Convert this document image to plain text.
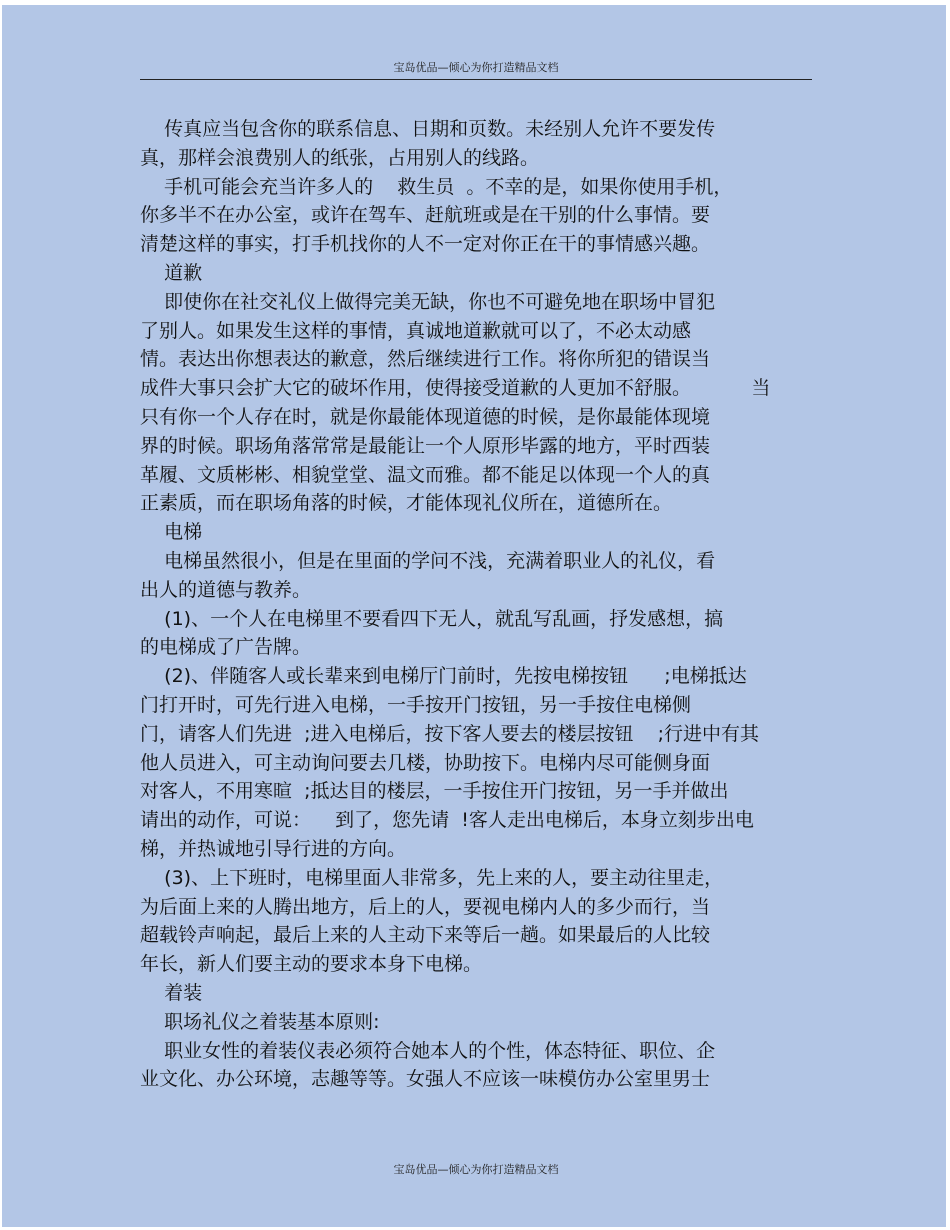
宝岛优品—倾心为你打造精品文档
传真应当包含你的联系信息、日期和页数。未经别人允许不要发传
真，那样会浪费别人的纸张，占用别人的线路。
手机可能会充当许多人的    救生员  。不幸的是，如果你使用手机，
你多半不在办公室，或许在驾车、赶航班或是在干别的什么事情。要
清楚这样的事实，打手机找你的人不一定对你正在干的事情感兴趣。
道歉
即使你在社交礼仪上做得完美无缺，你也不可避免地在职场中冒犯
了别人。如果发生这样的事情，真诚地道歉就可以了，不必太动感
情。表达出你想表达的歉意，然后继续进行工作。将你所犯的错误当
成件大事只会扩大它的破坏作用，使得接受道歉的人更加不舒服。          当
只有你一个人存在时，就是你最能体现道德的时候，是你最能体现境
界的时候。职场角落常常是最能让一个人原形毕露的地方，平时西装
革履、文质彬彬、相貌堂堂、温文而雅。都不能足以体现一个人的真
正素质，而在职场角落的时候，才能体现礼仪所在，道德所在。
电梯
电梯虽然很小，但是在里面的学问不浅，充满着职业人的礼仪，看
出人的道德与教养。
(1)、一个人在电梯里不要看四下无人，就乱写乱画，抒发感想，搞
的电梯成了广告牌。
(2)、伴随客人或长辈来到电梯厅门前时，先按电梯按钮      ;电梯抵达
门打开时，可先行进入电梯，一手按开门按钮，另一手按住电梯侧
门，请客人们先进  ;进入电梯后，按下客人要去的楼层按钮    ;行进中有其
他人员进入，可主动询问要去几楼，协助按下。电梯内尽可能侧身面
对客人，不用寒暄  ;抵达目的楼层，一手按住开门按钮，另一手并做出
请出的动作，可说：    到了，您先请  !客人走出电梯后，本身立刻步出电
梯，并热诚地引导行进的方向。
(3)、上下班时，电梯里面人非常多，先上来的人，要主动往里走，
为后面上来的人腾出地方，后上的人，要视电梯内人的多少而行，当
超载铃声响起，最后上来的人主动下来等后一趟。如果最后的人比较
年长，新人们要主动的要求本身下电梯。
着装
职场礼仪之着装基本原则:
职业女性的着装仪表必须符合她本人的个性，体态特征、职位、企
业文化、办公环境，志趣等等。女强人不应该一味模仿办公室里男士
宝岛优品—倾心为你打造精品文档
